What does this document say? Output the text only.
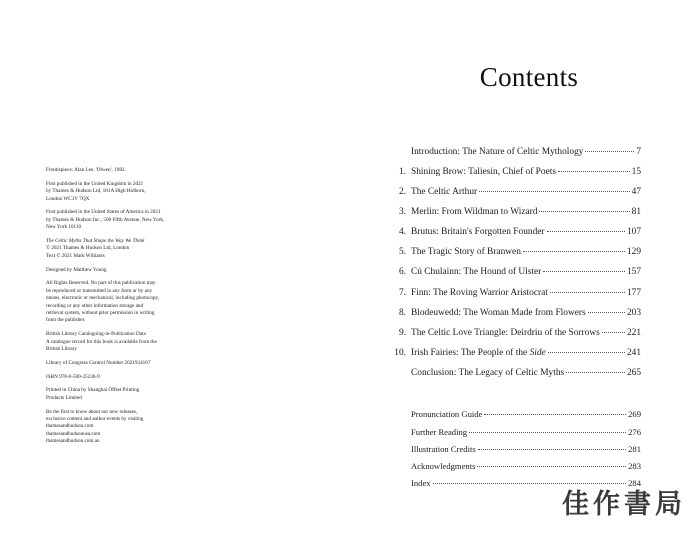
Frontispiece: Alan Lee, 'Olwen', 1982.

First published in the United Kingdom in 2021
by Thames & Hudson Ltd, 181A High Holborn,
London WC1V 7QX

First published in the United States of America in 2021
by Thames & Hudson Inc., 500 Fifth Avenue, New York,
New York 10110

The Celtic Myths That Shape the Way We Think
© 2021 Thames & Hudson Ltd, London
Text © 2021 Mark Williams

Designed by Matthew Young

All Rights Reserved. No part of this publication may
be reproduced or transmitted in any form or by any
means, electronic or mechanical, including photocopy,
recording or any other information storage and
retrieval system, without prior permission in writing
from the publisher.

British Library Cataloguing-in-Publication Data
A catalogue record for this book is available from the
British Library

Library of Congress Control Number 2021934167

ISBN 978-0-500-25236-9

Printed in China by Shanghai Offset Printing
Products Limited

Be the first to know about our new releases,
exclusive content and author events by visiting
thamesandhudson.com
thamesandhudsonusa.com
thamesandhudson.com.au

Contents
Introduction: The Nature of Celtic Mythology	7
1. Shining Brow: Taliesin, Chief of Poets	15
2. The Celtic Arthur	47
3. Merlin: From Wildman to Wizard	81
4. Brutus: Britain's Forgotten Founder	107
5. The Tragic Story of Branwen	129
6. Cú Chulainn: The Hound of Ulster	157
7. Finn: The Roving Warrior Aristocrat	177
8. Blodeuwedd: The Woman Made from Flowers	203
9. The Celtic Love Triangle: Deirdriu of the Sorrows	221
10. Irish Fairies: The People of the Side	241
Conclusion: The Legacy of Celtic Myths	265
Pronunciation Guide	269
Further Reading	276
Illustration Credits	281
Acknowledgments	283
Index	284
佳作書局
